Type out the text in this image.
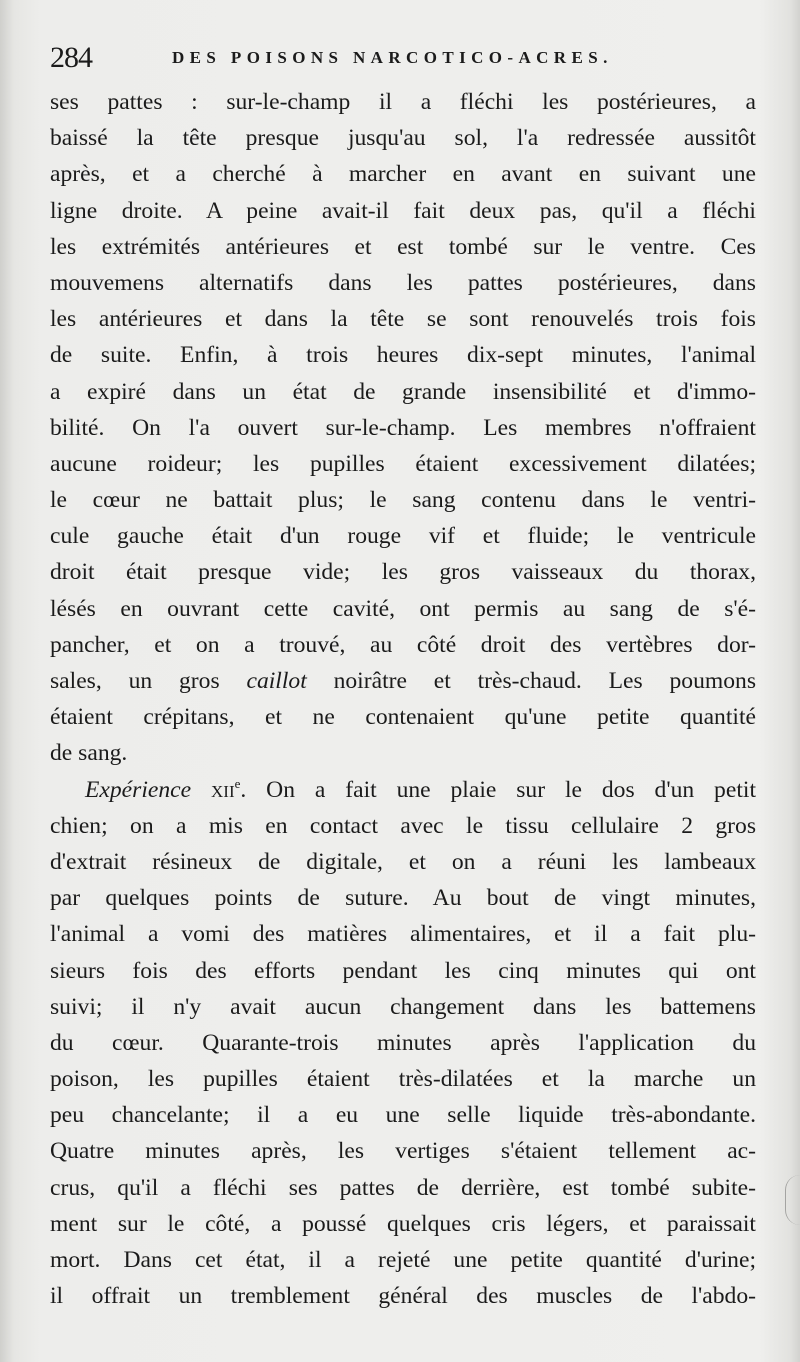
284	DES POISONS NARCOTICO-ACRES.
ses pattes : sur-le-champ il a fléchi les postérieures, a
baissé la tête presque jusqu'au sol, l'a redressée aussitôt
après, et a cherché à marcher en avant en suivant une
ligne droite. A peine avait-il fait deux pas, qu'il a fléchi
les extrémités antérieures et est tombé sur le ventre. Ces
mouvemens alternatifs dans les pattes postérieures, dans
les antérieures et dans la tête se sont renouvelés trois fois
de suite. Enfin, à trois heures dix-sept minutes, l'animal
a expiré dans un état de grande insensibilité et d'immo-
bilité. On l'a ouvert sur-le-champ. Les membres n'offraient
aucune roideur; les pupilles étaient excessivement dilatées;
le cœur ne battait plus; le sang contenu dans le ventri-
cule gauche était d'un rouge vif et fluide; le ventricule
droit était presque vide; les gros vaisseaux du thorax,
lésés en ouvrant cette cavité, ont permis au sang de s'é-
pancher, et on a trouvé, au côté droit des vertèbres dor-
sales, un gros caillot noirâtre et très-chaud. Les poumons
étaient crépitans, et ne contenaient qu'une petite quantité
de sang.
Expérience xii$^e$. On a fait une plaie sur le dos d'un petit
chien; on a mis en contact avec le tissu cellulaire 2 gros
d'extrait résineux de digitale, et on a réuni les lambeaux
par quelques points de suture. Au bout de vingt minutes,
l'animal a vomi des matières alimentaires, et il a fait plu-
sieurs fois des efforts pendant les cinq minutes qui ont
suivi; il n'y avait aucun changement dans les battemens
du cœur. Quarante-trois minutes après l'application du
poison, les pupilles étaient très-dilatées et la marche un
peu chancelante; il a eu une selle liquide très-abondante.
Quatre minutes après, les vertiges s'étaient tellement ac-
crus, qu'il a fléchi ses pattes de derrière, est tombé subite-
ment sur le côté, a poussé quelques cris légers, et paraissait
mort. Dans cet état, il a rejeté une petite quantité d'urine;
il offrait un tremblement général des muscles de l'abdo-
